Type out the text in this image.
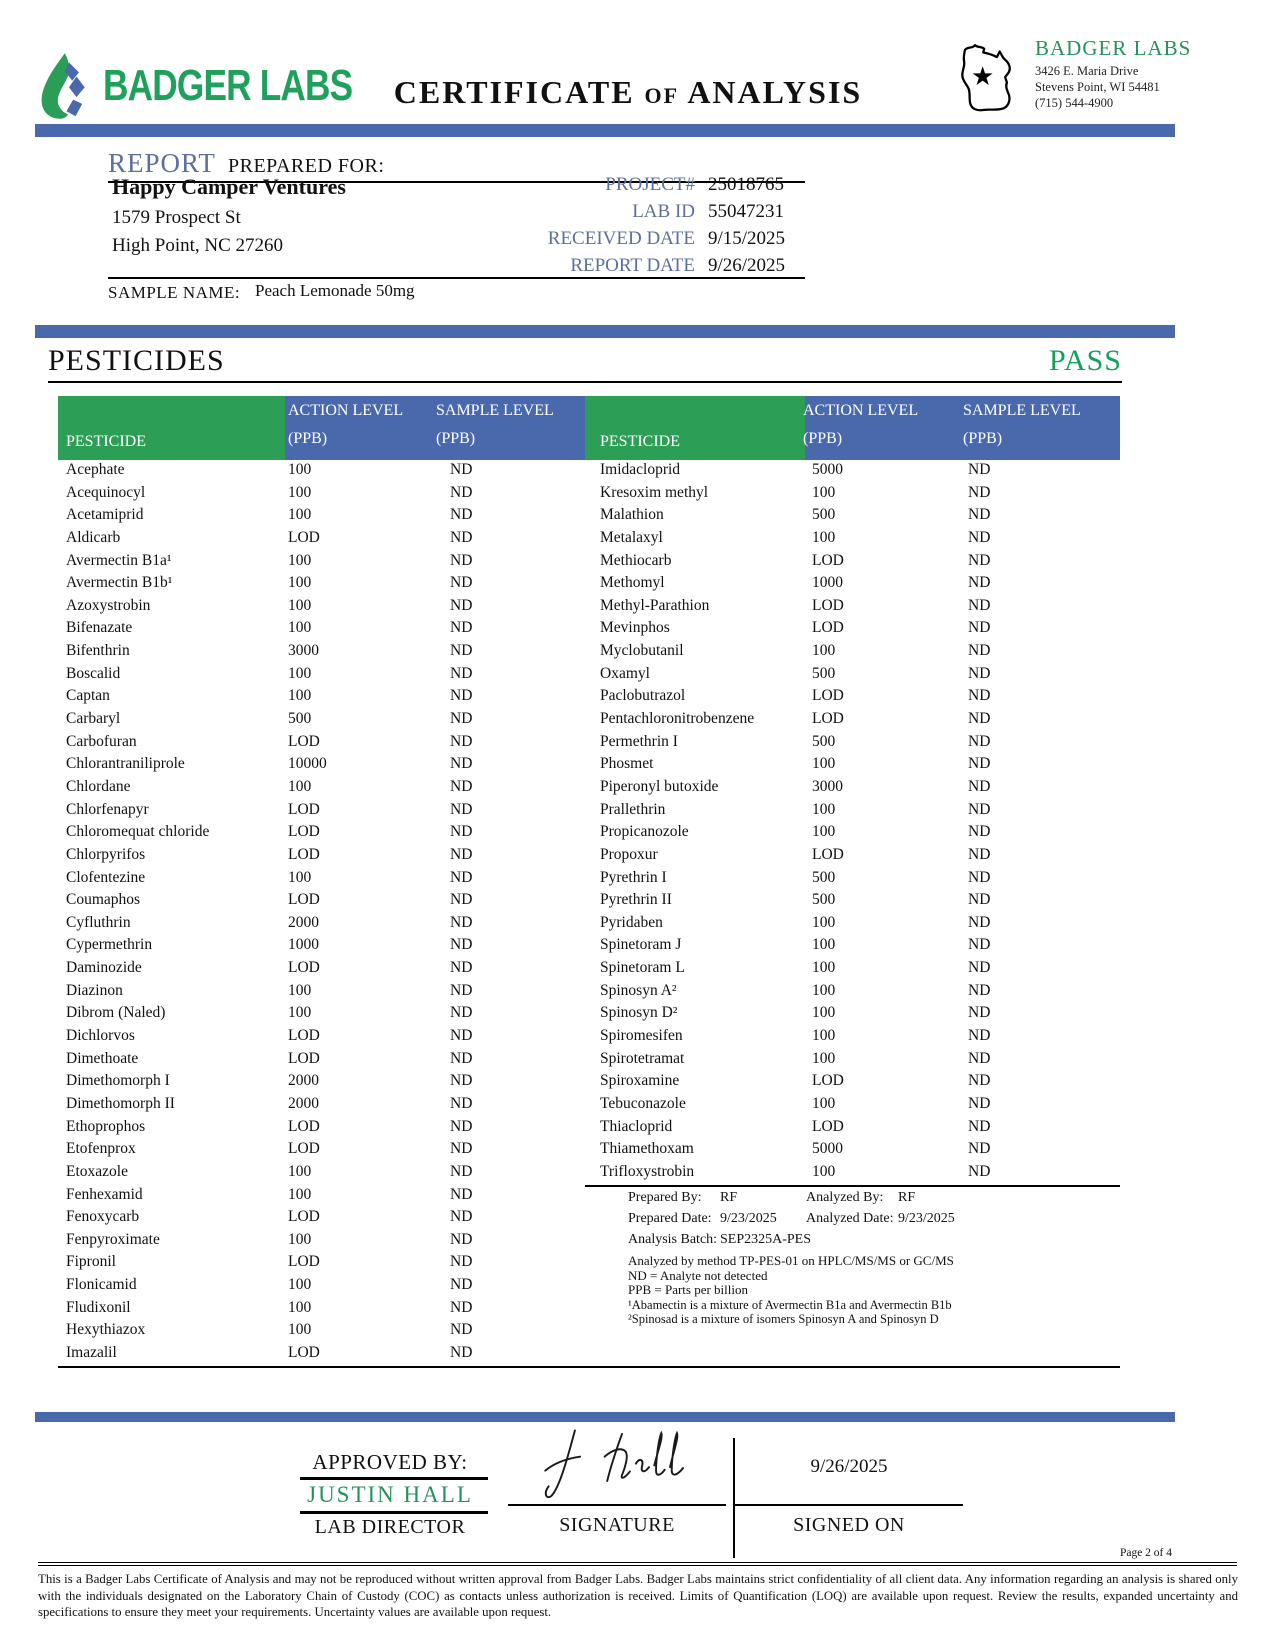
BADGER LABS	CERTIFICATE of ANALYSIS	★
BADGER LABS
3426 E. Maria Drive
Stevens Point, WI 54481
(715) 544-4900
REPORT PREPARED FOR:
Happy Camper Ventures
1579 Prospect St
High Point, NC 27260
PROJECT# 25018765
LAB ID 55047231
RECEIVED DATE 9/15/2025
REPORT DATE 9/26/2025
SAMPLE NAME: Peach Lemonade 50mg
PESTICIDES	PASS
PESTICIDE
ACTION LEVEL
(PPB)
SAMPLE LEVEL
(PPB)	PESTICIDE
ACTION LEVEL
(PPB)
SAMPLE LEVEL
(PPB)
Acephate	100	ND
Acequinocyl	100	ND
Acetamiprid	100	ND
Aldicarb	LOD	ND
Avermectin B1a¹	100	ND
Avermectin B1b¹	100	ND
Azoxystrobin	100	ND
Bifenazate	100	ND
Bifenthrin	3000	ND
Boscalid	100	ND
Captan	100	ND
Carbaryl	500	ND
Carbofuran	LOD	ND
Chlorantraniliprole	10000	ND
Chlordane	100	ND
Chlorfenapyr	LOD	ND
Chloromequat chloride	LOD	ND
Chlorpyrifos	LOD	ND
Clofentezine	100	ND
Coumaphos	LOD	ND
Cyfluthrin	2000	ND
Cypermethrin	1000	ND
Daminozide	LOD	ND
Diazinon	100	ND
Dibrom (Naled)	100	ND
Dichlorvos	LOD	ND
Dimethoate	LOD	ND
Dimethomorph I	2000	ND
Dimethomorph II	2000	ND
Ethoprophos	LOD	ND
Etofenprox	LOD	ND
Etoxazole	100	ND
Fenhexamid	100	ND
Fenoxycarb	LOD	ND
Fenpyroximate	100	ND
Fipronil	LOD	ND
Flonicamid	100	ND
Fludixonil	100	ND
Hexythiazox	100	ND
Imazalil	LOD	ND
Imidacloprid	5000	ND
Kresoxim methyl	100	ND
Malathion	500	ND
Metalaxyl	100	ND
Methiocarb	LOD	ND
Methomyl	1000	ND
Methyl-Parathion	LOD	ND
Mevinphos	LOD	ND
Myclobutanil	100	ND
Oxamyl	500	ND
Paclobutrazol	LOD	ND
Pentachloronitrobenzene	LOD	ND
Permethrin I	500	ND
Phosmet	100	ND
Piperonyl butoxide	3000	ND
Prallethrin	100	ND
Propicanozole	100	ND
Propoxur	LOD	ND
Pyrethrin I	500	ND
Pyrethrin II	500	ND
Pyridaben	100	ND
Spinetoram J	100	ND
Spinetoram L	100	ND
Spinosyn A²	100	ND
Spinosyn D²	100	ND
Spiromesifen	100	ND
Spirotetramat	100	ND
Spiroxamine	LOD	ND
Tebuconazole	100	ND
Thiacloprid	LOD	ND
Thiamethoxam	5000	ND
Trifloxystrobin	100	ND
Prepared By:	RF	Analyzed By:	RF
Prepared Date: 9/23/2025	Analyzed Date: 9/23/2025
Analysis Batch: SEP2325A-PES
Analyzed by method TP-PES-01 on HPLC/MS/MS or GC/MS
ND = Analyte not detected
PPB = Parts per billion
¹Abamectin is a mixture of Avermectin B1a and Avermectin B1b
²Spinosad is a mixture of isomers Spinosyn A and Spinosyn D
APPROVED BY:
JUSTIN HALL
LAB DIRECTOR	SIGNATURE
9/26/2025
SIGNED ON
Page 2 of 4
This is a Badger Labs Certificate of Analysis and may not be reproduced without written approval from Badger Labs. Badger Labs maintains strict confidentiality of all client data. Any information regarding an analysis is shared only with the individuals designated on the Laboratory Chain of Custody (COC) as contacts unless authorization is received. Limits of Quantification (LOQ) are available upon request. Review the results, expanded uncertainty and specifications to ensure they meet your requirements. Uncertainty values are available upon request.
